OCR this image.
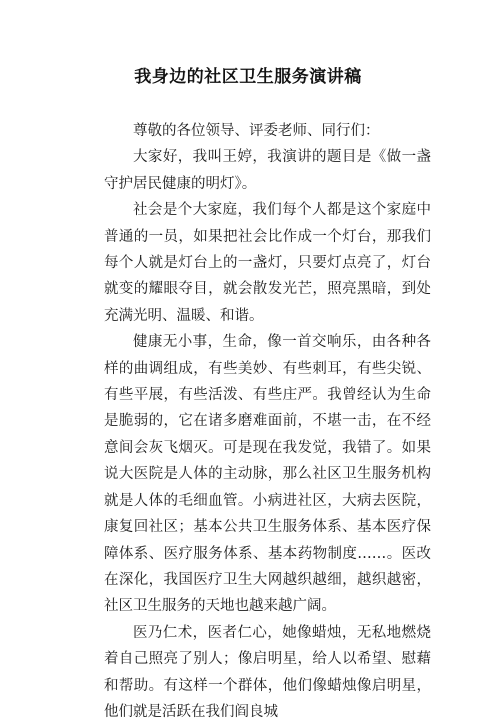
我身边的社区卫生服务演讲稿

尊敬的各位领导、评委老师、同行们：

大家好，我叫王婷，我演讲的题目是《做一盏守护居民健康的明灯》。

社会是个大家庭，我们每个人都是这个家庭中普通的一员，如果把社会比作成一个灯台，那我们每个人就是灯台上的一盏灯，只要灯点亮了，灯台就变的耀眼夺目，就会散发光芒，照亮黑暗，到处充满光明、温暖、和谐。

健康无小事，生命，像一首交响乐，由各种各样的曲调组成，有些美妙、有些刺耳，有些尖锐、有些平展，有些活泼、有些庄严。我曾经认为生命是脆弱的，它在诸多磨难面前，不堪一击，在不经意间会灰飞烟灭。可是现在我发觉，我错了。如果说大医院是人体的主动脉，那么社区卫生服务机构就是人体的毛细血管。小病进社区，大病去医院，康复回社区；基本公共卫生服务体系、基本医疗保障体系、医疗服务体系、基本药物制度……。医改在深化，我国医疗卫生大网越织越细，越织越密，社区卫生服务的天地也越来越广阔。

医乃仁术，医者仁心，她像蜡烛，无私地燃烧着自己照亮了别人；像启明星，给人以希望、慰藉和帮助。有这样一个群体，他们像蜡烛像启明星，他们就是活跃在我们阎良城
